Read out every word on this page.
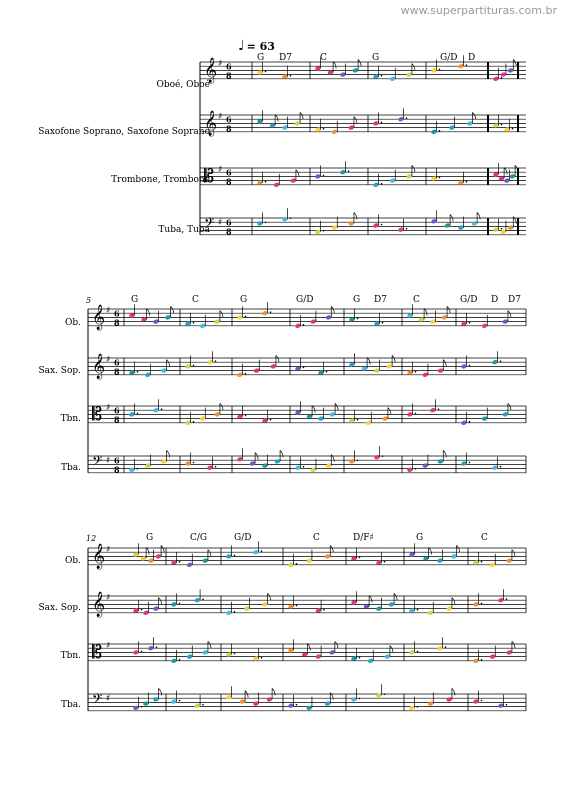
www.superpartituras.com.br
♩ = 63
Oboé, Oboé
Saxofone Soprano, Saxofone Soprano
Trombone, Trombone
Tuba, Tuba
5
Ob.
Sax. Sop.
Tbn.
Tba.
12
Ob.
Sax. Sop.
Tbn.
Tba.
𝄞 ♯ 6
8
𝄞 ♯ 6
8
𝄡 ♯ 6
8
𝄢 ♯ 6
8
G D7	C	G	G/D D
𝄞 ♯ 6
8
𝄞 ♯ 6
8
𝄡 ♯ 6
8
𝄢 ♯ 6
8
G	C	G	G/D	G D7	C	G/D D D7
𝄞 ♯
𝄞 ♯
𝄡 ♯
𝄢 ♯
G	C/G	G/D	C	D/F♯	G	C
